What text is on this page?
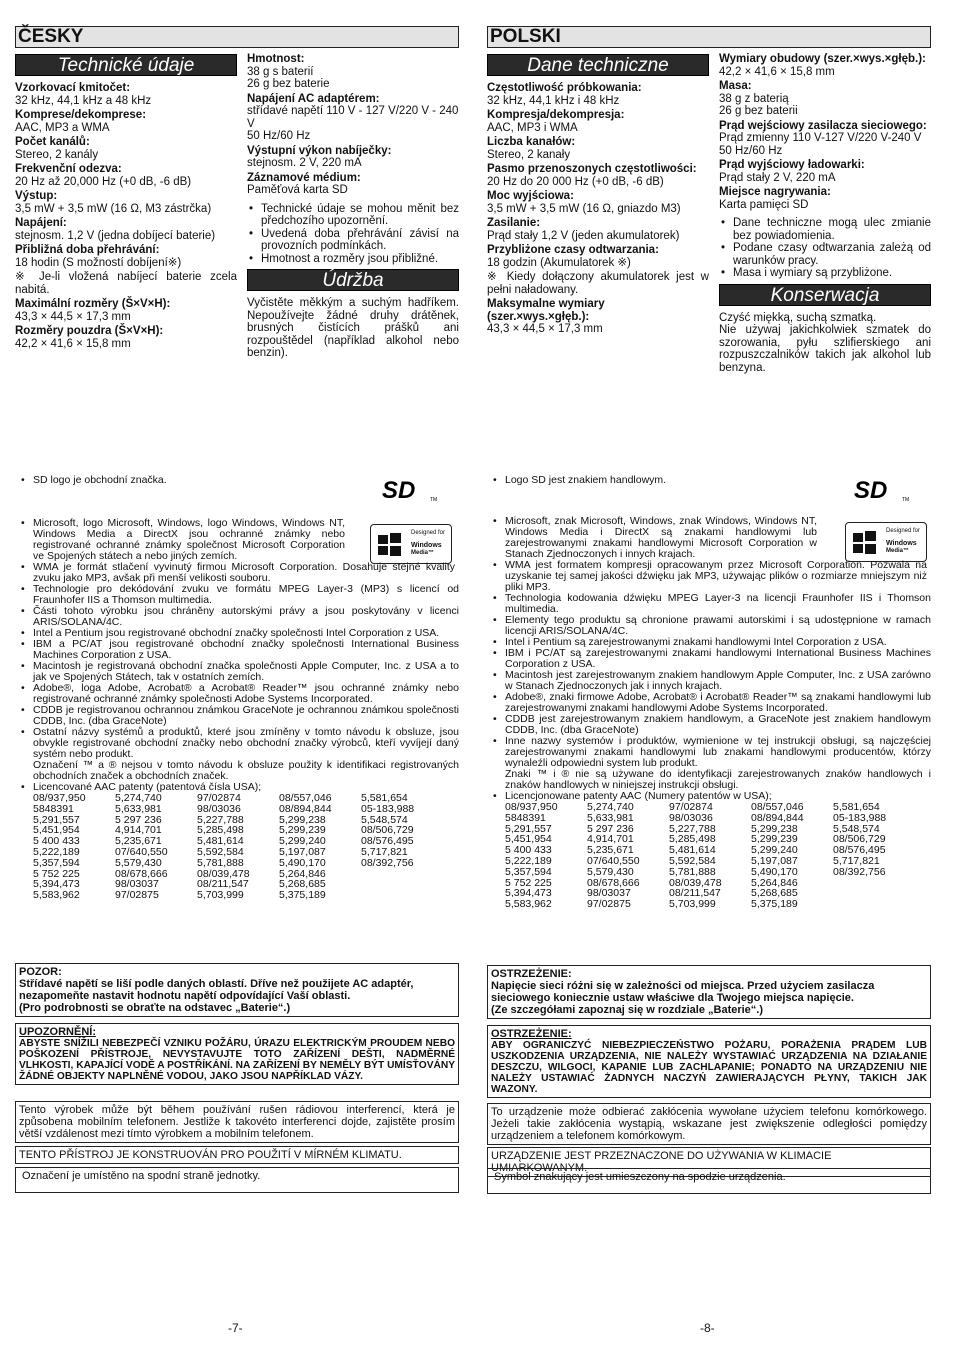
ČESKY
Technické údaje
Vzorkovací kmitočet:
32 kHz, 44,1 kHz a 48 kHz
Komprese/dekomprese:
AAC, MP3 a WMA
Počet kanálů:
Stereo, 2 kanály
Frekvenční odezva:
20 Hz až 20,000 Hz (+0 dB, -6 dB)
Výstup:
3,5 mW + 3,5 mW (16 Ω, M3 zástrčka)
Napájení:
stejnosm. 1,2 V (jedna dobíjecí baterie)
Přibližná doba přehrávání:
18 hodin (S možností dobíjení※)
※ Je-li vložená nabíjecí baterie zcela nabitá.
Maximální rozměry (Š×V×H):
43,3 × 44,5 × 17,3 mm
Rozměry pouzdra (Š×V×H):
42,2 × 41,6 × 15,8 mm
Hmotnost:
38 g s baterií
26 g bez baterie
Napájení AC adaptérem:
střídavé napětí 110 V - 127 V/220 V - 240 V
50 Hz/60 Hz
Výstupní výkon nabíječky:
stejnosm. 2 V, 220 mA
Záznamové médium:
Paměťová karta SD
• Technické údaje se mohou měnit bez předchozího upozornění.
• Uvedená doba přehrávání závisí na provozních podmínkách.
• Hmotnost a rozměry jsou přibližné.
Údržba
Vyčistěte měkkým a suchým hadříkem. Nepoužívejte žádné druhy drátěnek, brusných čistících prášků ani rozpouštědel (například alkohol nebo benzin).
POLSKI
Dane techniczne
Częstotliwość próbkowania:
32 kHz, 44,1 kHz i 48 kHz
Kompresja/dekompresja:
AAC, MP3 i WMA
Liczba kanałów:
Stereo, 2 kanały
Pasmo przenoszonych częstotliwości:
20 Hz do 20 000 Hz (+0 dB, -6 dB)
Moc wyjściowa:
3,5 mW + 3,5 mW (16 Ω, gniazdo M3)
Zasilanie:
Prąd stały 1,2 V (jeden akumulatorek)
Przybliżone czasy odtwarzania:
18 godzin (Akumulatorek ※)
※ Kiedy dołączony akumulatorek jest w pełni naładowany.
Maksymalne wymiary (szer.×wys.×głęb.):
43,3 × 44,5 × 17,3 mm
Wymiary obudowy (szer.×wys.×głęb.):
42,2 × 41,6 × 15,8 mm
Masa:
38 g z baterią
26 g bez baterii
Prąd wejściowy zasilacza sieciowego:
Prąd zmienny 110 V-127 V/220 V-240 V 50 Hz/60 Hz
Prąd wyjściowy ładowarki:
Prąd stały 2 V, 220 mA
Miejsce nagrywania:
Karta pamięci SD
• Dane techniczne mogą ulec zmianie bez powiadomienia.
• Podane czasy odtwarzania zależą od warunków pracy.
• Masa i wymiary są przybliżone.
Konserwacja
Czyść miękką, suchą szmatką.
Nie używaj jakichkolwiek szmatek do szorowania, pyłu szlifierskiego ani rozpuszczalników takich jak alkohol lub benzyna.
• SD logo je obchodní značka.	SD	TM
Designed for
Windows
Media™
• Microsoft, logo Microsoft, Windows, logo Windows, Windows NT, Windows Media a DirectX jsou ochranné známky nebo registrované ochranné známky společnost Microsoft Corporation ve Spojených státech a nebo jiných zemích.
• WMA je formát stlačení vyvinutý firmou Microsoft Corporation. Dosahuje stejné kvality zvuku jako MP3, avšak při menší velikosti souboru.
• Technologie pro dekódování zvuku ve formátu MPEG Layer-3 (MP3) s licencí od Fraunhofer IIS a Thomson multimedia.
• Části tohoto výrobku jsou chráněny autorskými právy a jsou poskytovány v licenci ARIS/SOLANA/4C.
• Intel a Pentium jsou registrované obchodní značky společnosti Intel Corporation z USA.
• IBM a PC/AT jsou registrované obchodní značky společnosti International Business Machines Corporation z USA.
• Macintosh je registrovaná obchodní značka společnosti Apple Computer, Inc. z USA a to jak ve Spojených Státech, tak v ostatních zemích.
• Adobe®, loga Adobe, Acrobat® a Acrobat® Reader™ jsou ochranné známky nebo registrované ochranné známky společnosti Adobe Systems Incorporated.
• CDDB je registrovanou ochrannou známkou GraceNote je ochrannou známkou společnosti CDDB, Inc. (dba GraceNote)
• Ostatní názvy systémů a produktů, které jsou zmíněny v tomto návodu k obsluze, jsou obvykle registrované obchodní značky nebo obchodní značky výrobců, kteří vyvíjejí daný systém nebo produkt.
Označení ™ a ® nejsou v tomto návodu k obsluze použity k identifikaci registrovaných obchodních značek a obchodních značek.
• Licencované AAC patenty (patentová čísla USA);
08/937,950	5,274,740	97/02874	08/557,046	5,581,654
5848391	5,633,981	98/03036	08/894,844	05-183,988
5,291,557	5 297 236	5,227,788	5,299,238	5,548,574
5,451,954	4,914,701	5,285,498	5,299,239	08/506,729
5 400 433	5,235,671	5,481,614	5,299,240	08/576,495
5,222,189	07/640,550	5,592,584	5,197,087	5,717,821
5,357,594	5,579,430	5,781,888	5,490,170	08/392,756
5 752 225	08/678,666	08/039,478	5,264,846	
5,394,473	98/03037	08/211,547	5,268,685	
5,583,962	97/02875	5,703,999	5,375,189	
• Logo SD jest znakiem handlowym.	SD	TM
Designed for
Windows
Media™
• Microsoft, znak Microsoft, Windows, znak Windows, Windows NT, Windows Media i DirectX są znakami handlowymi lub zarejestrowanymi znakami handlowymi Microsoft Corporation w Stanach Zjednoczonych i innych krajach.
• WMA jest formatem kompresji opracowanym przez Microsoft Corporation. Pozwala na uzyskanie tej samej jakości dźwięku jak MP3, używając plików o rozmiarze mniejszym niż pliki MP3.
• Technologia kodowania dźwięku MPEG Layer-3 na licencji Fraunhofer IIS i Thomson multimedia.
• Elementy tego produktu są chronione prawami autorskimi i są udostępnione w ramach licencji ARIS/SOLANA/4C.
• Intel i Pentium są zarejestrowanymi znakami handlowymi Intel Corporation z USA.
• IBM i PC/AT są zarejestrowanymi znakami handlowymi International Business Machines Corporation z USA.
• Macintosh jest zarejestrowanym znakiem handlowym Apple Computer, Inc. z USA zarówno w Stanach Zjednoczonych jak i innych krajach.
• Adobe®, znaki firmowe Adobe, Acrobat® i Acrobat® Reader™ są znakami handlowymi lub zarejestrowanymi znakami handlowymi Adobe Systems Incorporated.
• CDDB jest zarejestrowanym znakiem handlowym, a GraceNote jest znakiem handlowym CDDB, Inc. (dba GraceNote)
• Inne nazwy systemów i produktów, wymienione w tej instrukcji obsługi, są najczęściej zarejestrowanymi znakami handlowymi lub znakami handlowymi producentów, którzy wynaleźli odpowiedni system lub produkt.
Znaki ™ i ® nie są używane do identyfikacji zarejestrowanych znaków handlowych i znaków handlowych w niniejszej instrukcji obsługi.
• Licencjonowane patenty AAC (Numery patentów w USA);
08/937,950	5,274,740	97/02874	08/557,046	5,581,654
5848391	5,633,981	98/03036	08/894,844	05-183,988
5,291,557	5 297 236	5,227,788	5,299,238	5,548,574
5,451,954	4,914,701	5,285,498	5,299,239	08/506,729
5 400 433	5,235,671	5,481,614	5,299,240	08/576,495
5,222,189	07/640,550	5,592,584	5,197,087	5,717,821
5,357,594	5,579,430	5,781,888	5,490,170	08/392,756
5 752 225	08/678,666	08/039,478	5,264,846	
5,394,473	98/03037	08/211,547	5,268,685	
5,583,962	97/02875	5,703,999	5,375,189	
POZOR:
Střídavé napětí se liší podle daných oblastí. Dříve než použijete AC adaptér, nezapomeňte nastavit hodnotu napětí odpovídající Vaší oblasti.
(Pro podrobnosti se obraťte na odstavec „Baterie“.)
UPOZORNĚNÍ:
ABYSTE SNÍŽILI NEBEZPEČÍ VZNIKU POŽÁRU, ÚRAZU ELEKTRICKÝM PROUDEM NEBO POŠKOZENÍ PŘÍSTROJE, NEVYSTAVUJTE TOTO ZAŘÍZENÍ DEŠTI, NADMĚRNÉ VLHKOSTI, KAPAJÍCÍ VODĚ A POSTŘÍKÁNÍ. NA ZAŘÍZENÍ BY NEMĚLY BÝT UMÍSŤOVÁNY ŽÁDNÉ OBJEKTY NAPLNĚNÉ VODOU, JAKO JSOU NAPŘÍKLAD VÁZY.
Tento výrobek může být během používání rušen rádiovou interferencí, která je způsobena mobilním telefonem. Jestliže k takovéto interferenci dojde, zajistěte prosím větší vzdálenost mezi tímto výrobkem a mobilním telefonem.
TENTO PŘÍSTROJ JE KONSTRUOVÁN PRO POUŽITÍ V MÍRNÉM KLIMATU.
Označení je umístěno na spodní straně jednotky.
OSTRZEŻENIE:
Napięcie sieci różni się w zależności od miejsca. Przed użyciem zasilacza sieciowego koniecznie ustaw właściwe dla Twojego miejsca napięcie.
(Ze szczegółami zapoznaj się w rozdziale „Baterie“.)
OSTRZEŻENIE:
ABY OGRANICZYĆ NIEBEZPIECZEŃSTWO POŻARU, PORAŻENIA PRĄDEM LUB USZKODZENIA URZĄDZENIA, NIE NALEŻY WYSTAWIAĆ URZĄDZENIA NA DZIAŁANIE DESZCZU, WILGOCI, KAPANIE LUB ZACHLAPANIE; PONADTO NA URZĄDZENIU NIE NALEŻY USTAWIAĆ ŻADNYCH NACZYŃ ZAWIERAJĄCYCH PŁYNY, TAKICH JAK WAZONY.
To urządzenie może odbierać zakłócenia wywołane użyciem telefonu komórkowego. Jeżeli takie zakłócenia wystąpią, wskazane jest zwiększenie odległości pomiędzy urządzeniem a telefonem komórkowym.
URZĄDZENIE JEST PRZEZNACZONE DO UŻYWANIA W KLIMACIE UMIARKOWANYM.
Symbol znakujący jest umieszczony na spodzie urządzenia.
-7-	-8-
